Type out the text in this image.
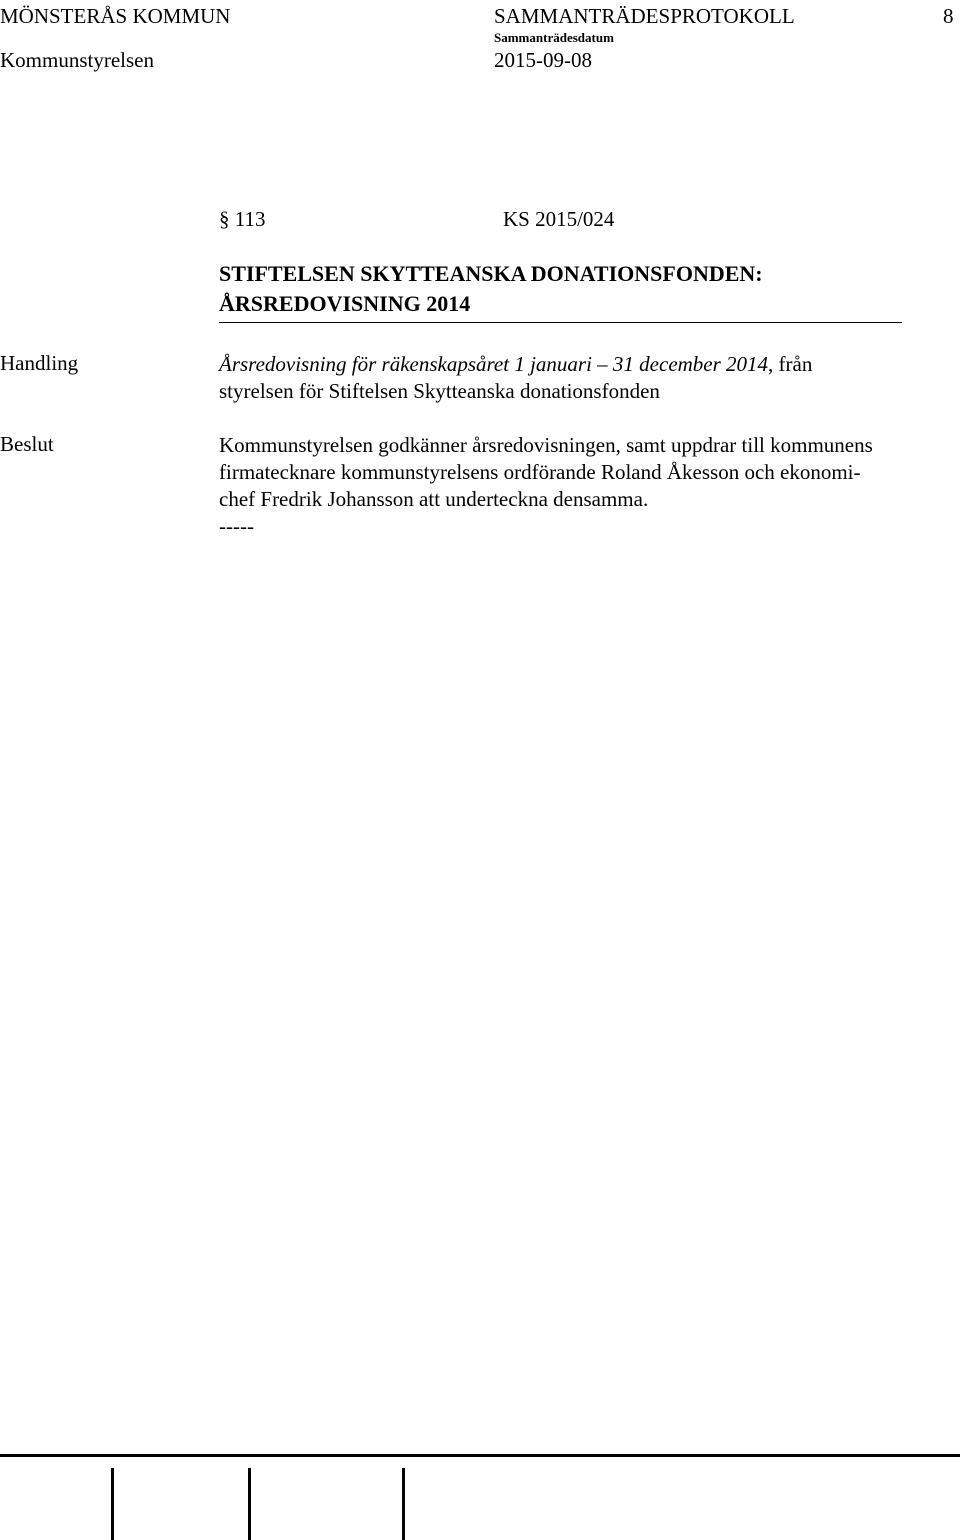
MÖNSTERÅS KOMMUN	SAMMANTRÄDESPROTOKOLL	8
Sammanträdesdatum
Kommunstyrelsen	2015-09-08
§ 113	KS 2015/024
STIFTELSEN SKYTTEANSKA DONATIONSFONDEN:
ÅRSREDOVISNING 2014
Handling	Årsredovisning för räkenskapsåret 1 januari – 31 december 2014, från
styrelsen för Stiftelsen Skytteanska donationsfonden
Beslut	Kommunstyrelsen godkänner årsredovisningen, samt uppdrar till kommunens
firmatecknare kommunstyrelsens ordförande Roland Åkesson och ekonomi-
chef Fredrik Johansson att underteckna densamma.
-----
